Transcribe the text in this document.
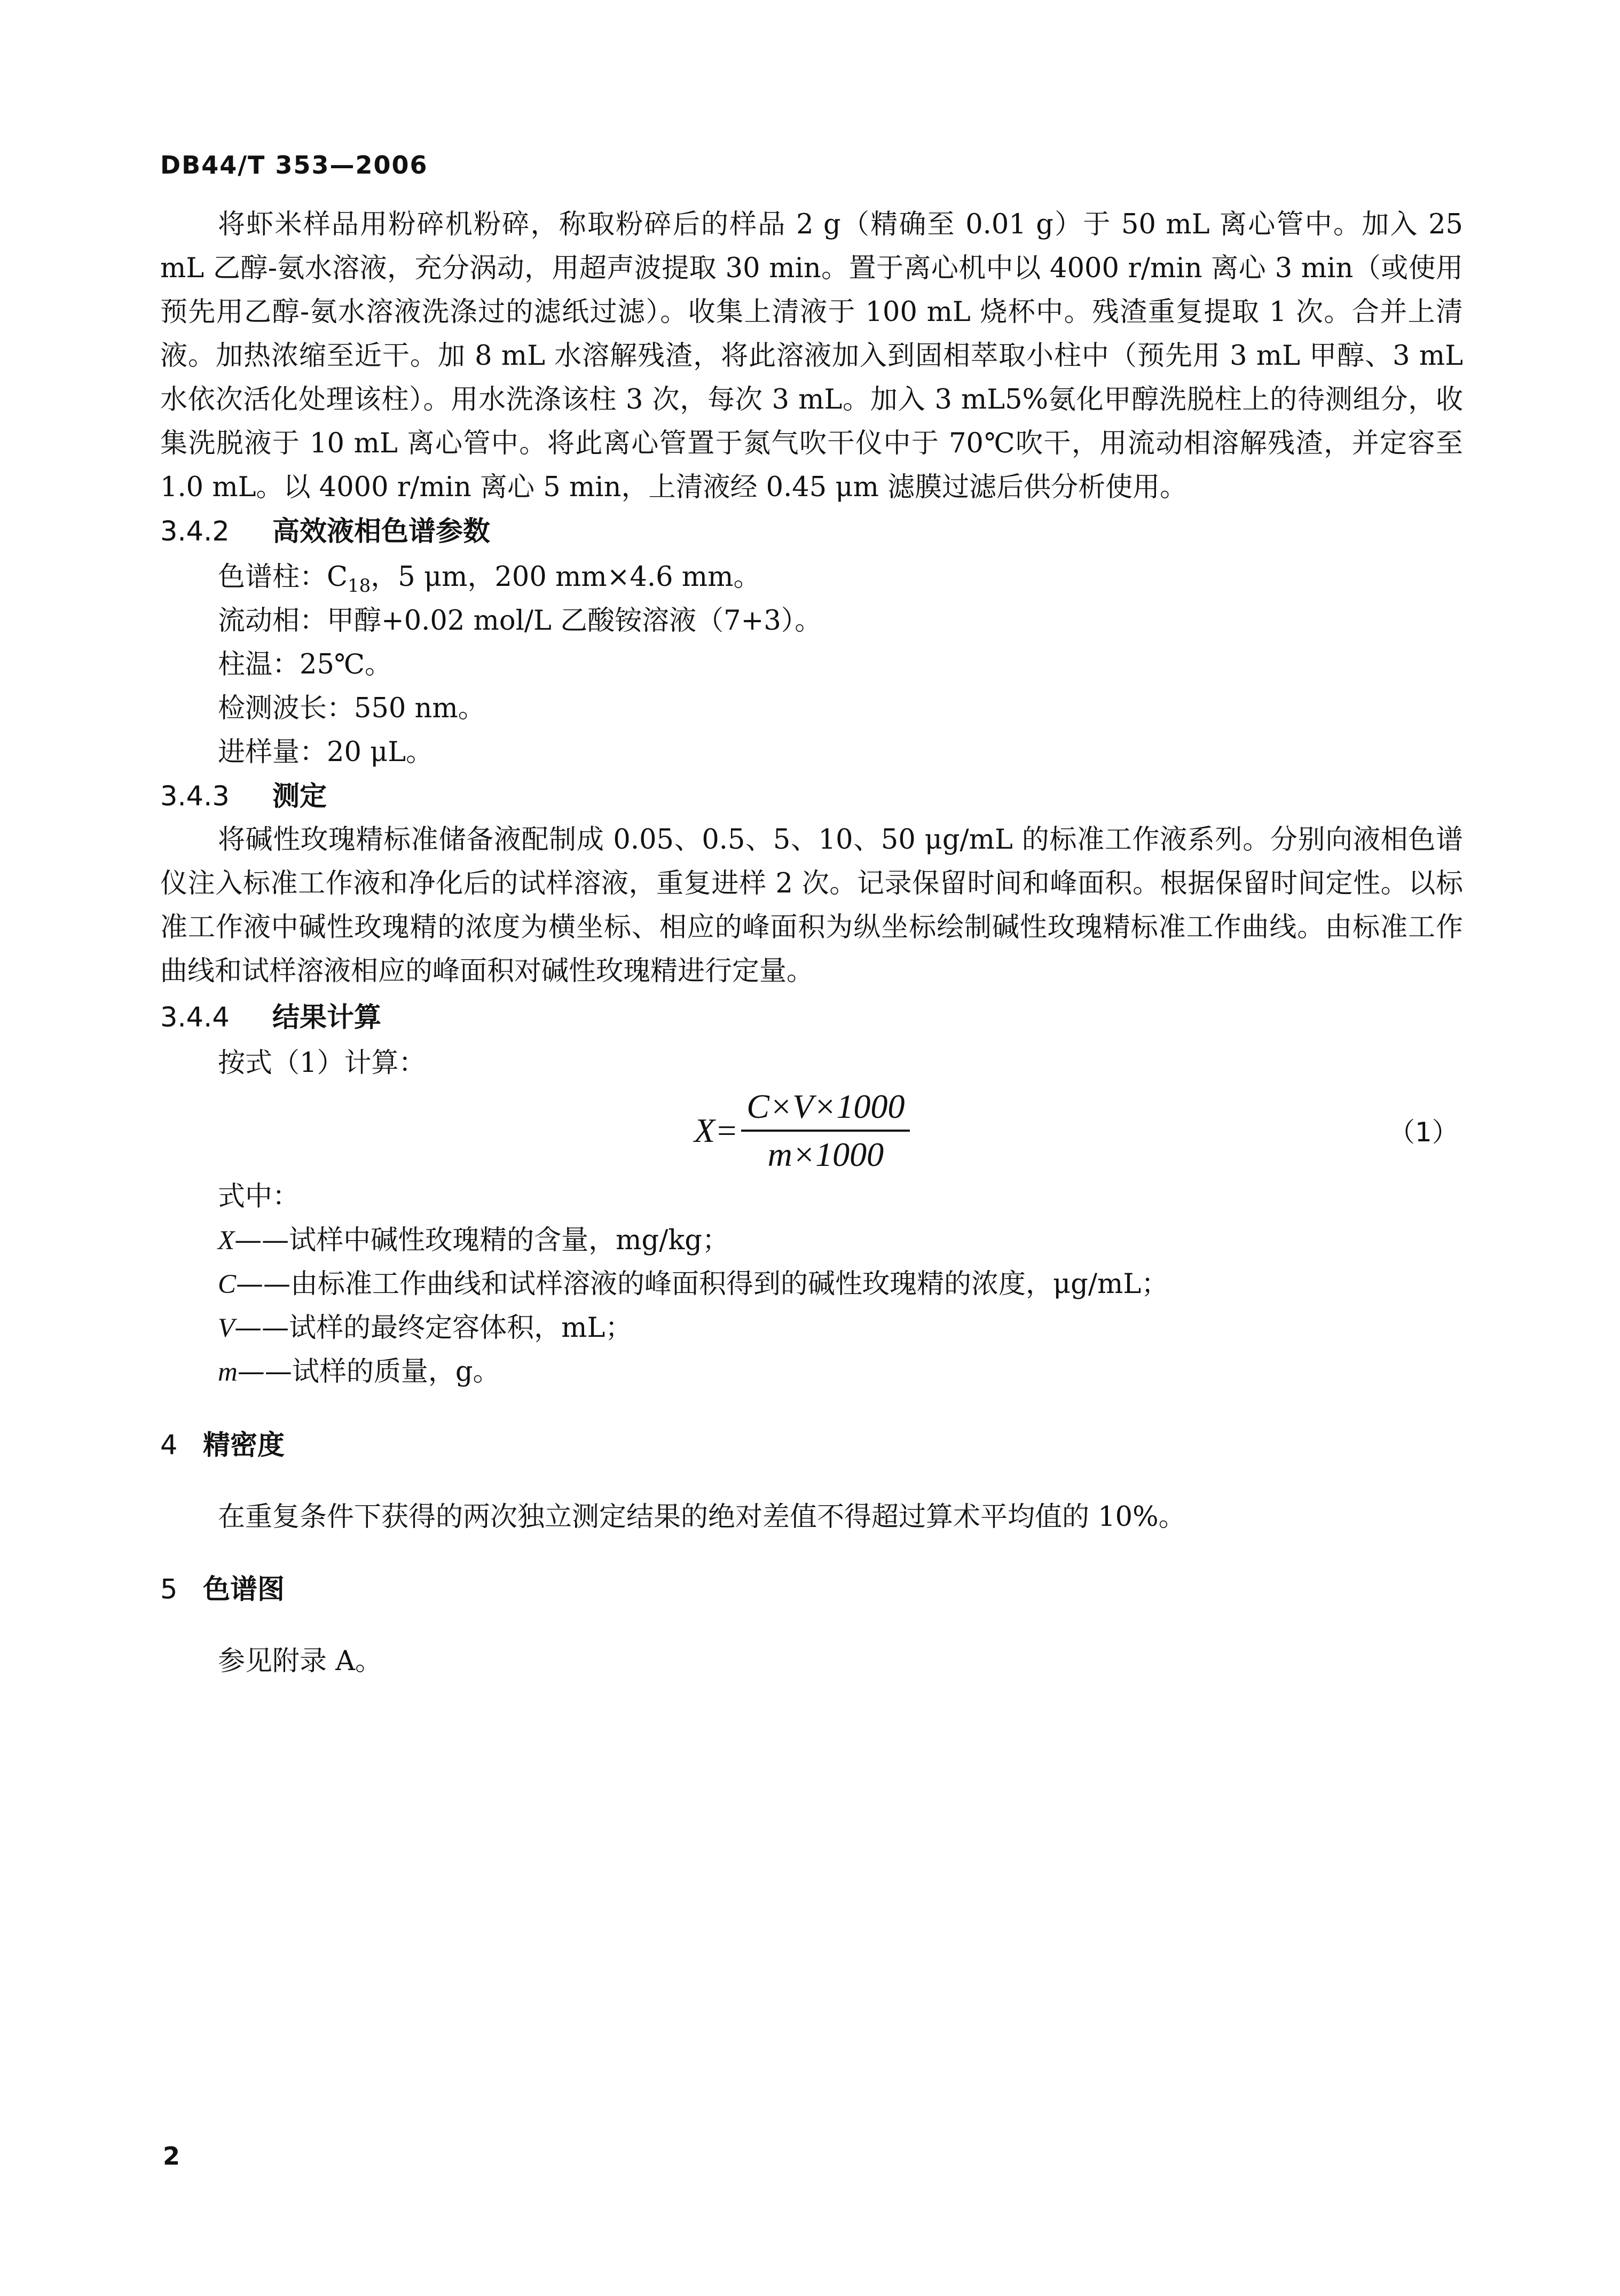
DB44/T 353—2006

将虾米样品用粉碎机粉碎，称取粉碎后的样品 2 g（精确至 0.01 g）于 50 mL 离心管中。加入 25 mL 乙醇-氨水溶液，充分涡动，用超声波提取 30 min。置于离心机中以 4000 r/min 离心 3 min（或使用预先用乙醇-氨水溶液洗涤过的滤纸过滤）。收集上清液于 100 mL 烧杯中。残渣重复提取 1 次。合并上清液。加热浓缩至近干。加 8 mL 水溶解残渣，将此溶液加入到固相萃取小柱中（预先用 3 mL 甲醇、3 mL 水依次活化处理该柱）。用水洗涤该柱 3 次，每次 3 mL。加入 3 mL5%氨化甲醇洗脱柱上的待测组分，收集洗脱液于 10 mL 离心管中。将此离心管置于氮气吹干仪中于 70℃吹干，用流动相溶解残渣，并定容至 1.0 mL。以 4000 r/min 离心 5 min，上清液经 0.45 μm 滤膜过滤后供分析使用。

3.4.2 高效液相色谱参数
色谱柱：$C_{18}$，5 μm，200 mm×4.6 mm。
流动相：甲醇+0.02 mol/L 乙酸铵溶液（7+3）。
柱温：25℃。
检测波长：550 nm。
进样量：20 μL。
3.4.3 测定

将碱性玫瑰精标准储备液配制成 0.05、0.5、5、10、50 μg/mL 的标准工作液系列。分别向液相色谱仪注入标准工作液和净化后的试样溶液，重复进样 2 次。记录保留时间和峰面积。根据保留时间定性。以标准工作液中碱性玫瑰精的浓度为横坐标、相应的峰面积为纵坐标绘制碱性玫瑰精标准工作曲线。由标准工作曲线和试样溶液相应的峰面积对碱性玫瑰精进行定量。

3.4.4 结果计算
按式（1）计算：
$X= \frac{C\times V\times 1000}{m\times 1000}$	（1）
式中：
X——试样中碱性玫瑰精的含量，mg/kg；
C——由标准工作曲线和试样溶液的峰面积得到的碱性玫瑰精的浓度，μg/mL；
V——试样的最终定容体积，mL；
m——试样的质量，g。
4 精密度
在重复条件下获得的两次独立测定结果的绝对差值不得超过算术平均值的 10%。
5 色谱图
参见附录 A。
2
